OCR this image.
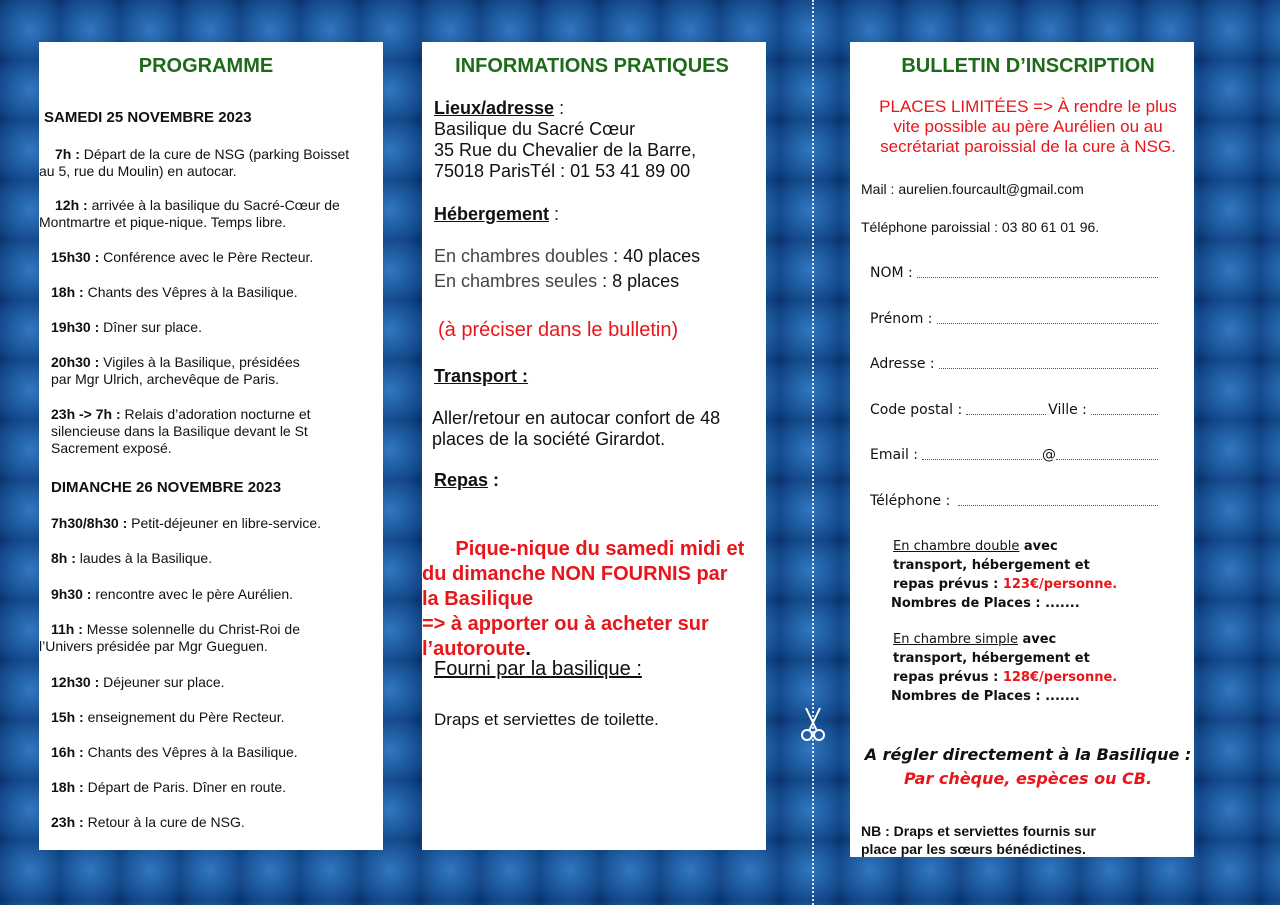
PROGRAMME
SAMEDI 25 NOVEMBRE 2023
7h : Départ de la cure de NSG (parking Boisset
au 5, rue du Moulin) en autocar.
12h : arrivée à la basilique du Sacré-Cœur de
Montmartre et pique-nique. Temps libre.
15h30 : Conférence avec le Père Recteur.
18h : Chants des Vêpres à la Basilique.
19h30 : Dîner sur place.
20h30 : Vigiles à la Basilique, présidées
par Mgr Ulrich, archevêque de Paris.
23h -> 7h : Relais d’adoration nocturne et
silencieuse dans la Basilique devant le St
Sacrement exposé.
DIMANCHE 26 NOVEMBRE 2023
7h30/8h30 : Petit-déjeuner en libre-service.
8h : laudes à la Basilique.
9h30 : rencontre avec le père Aurélien.
11h : Messe solennelle du Christ-Roi de
l’Univers présidée par Mgr Gueguen.
12h30 : Déjeuner sur place.
15h : enseignement du Père Recteur.
16h : Chants des Vêpres à la Basilique.
18h : Départ de Paris. Dîner en route.
23h : Retour à la cure de NSG.
INFORMATIONS PRATIQUES
Lieux/adresse :
Basilique du Sacré Cœur
35 Rue du Chevalier de la Barre,
75018 ParisTél : 01 53 41 89 00
Hébergement :
En chambres doubles : 40 places
En chambres seules : 8 places
(à préciser dans le bulletin)
Transport :
Aller/retour en autocar confort de 48
places de la société Girardot.
Repas :

Pique-nique du samedi midi et
du dimanche NON FOURNIS par
la Basilique
=> à apporter ou à acheter sur
l’autoroute.

Fourni par la basilique :
Draps et serviettes de toilette.
BULLETIN D’INSCRIPTION
PLACES LIMITÉES => À rendre le plus
vite possible au père Aurélien ou au
secrétariat paroissial de la cure à NSG.
Mail : aurelien.fourcault@gmail.com
Téléphone paroissial : 03 80 61 01 96.
NOM :
Prénom :
Adresse :
Code postal :	Ville :
Email :	@
Téléphone :
En chambre double avec
transport, hébergement et
repas prévus : 123€/personne.
Nombres de Places : .......
En chambre simple avec
transport, hébergement et
repas prévus : 128€/personne.
Nombres de Places : .......
A régler directement à la Basilique :
Par chèque, espèces ou CB.
NB : Draps et serviettes fournis sur
place par les sœurs bénédictines.
